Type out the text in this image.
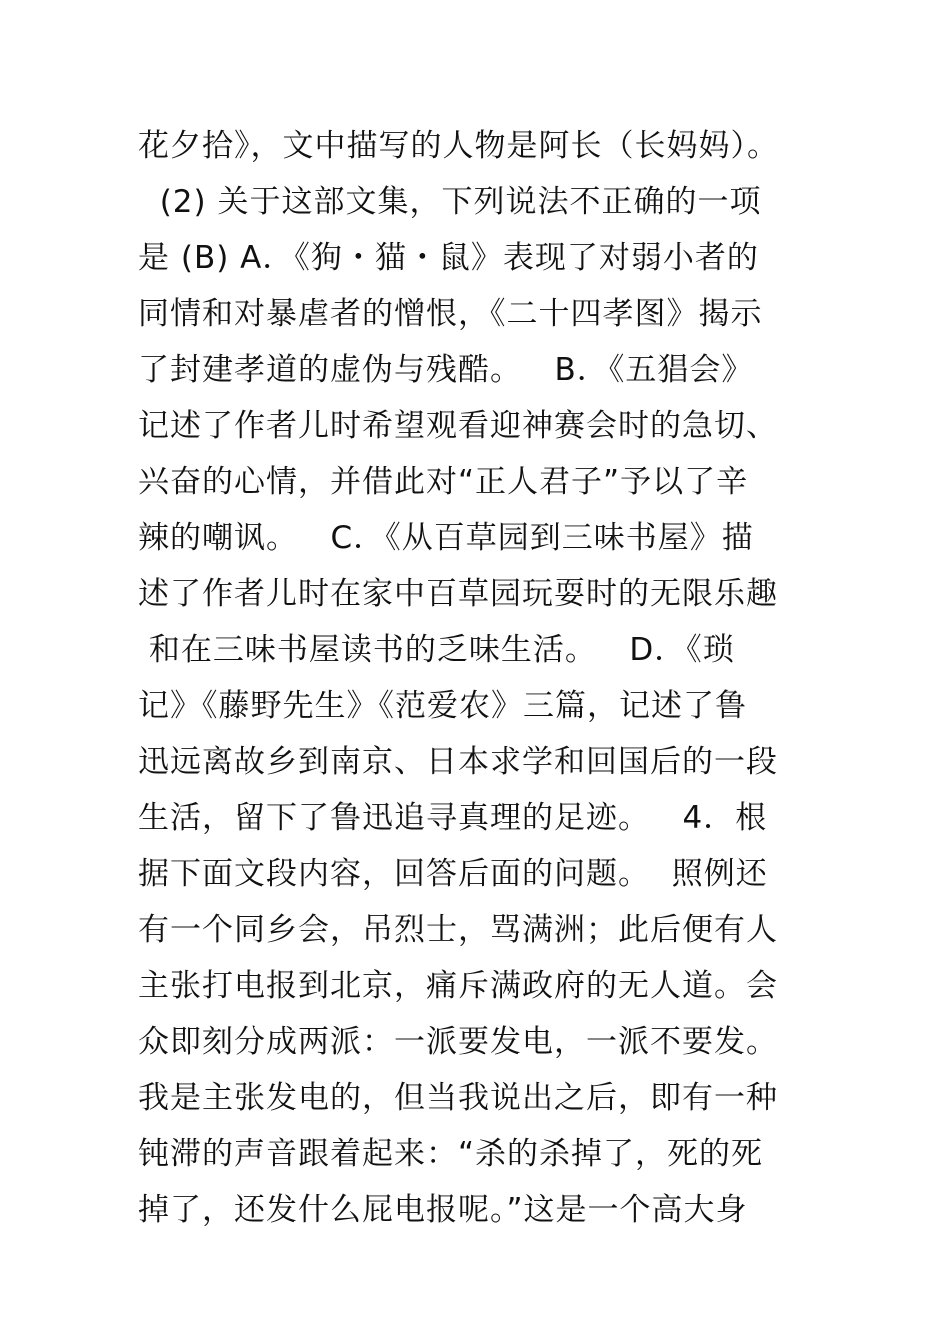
花夕拾》，文中描写的人物是阿长（长妈妈）。
(2) 关于这部文集，下列说法不正确的一项
是 (B) A．《狗・猫・鼠》表现了对弱小者的
同情和对暴虐者的憎恨，《二十四孝图》揭示
了封建孝道的虚伪与残酷。   B．《五猖会》
记述了作者儿时希望观看迎神赛会时的急切、
兴奋的心情，并借此对“正人君子”予以了辛
辣的嘲讽。   C．《从百草园到三味书屋》描
述了作者儿时在家中百草园玩耍时的无限乐趣
和在三味书屋读书的乏味生活。   D．《琐
记》《藤野先生》《范爱农》三篇，记述了鲁
迅远离故乡到南京、日本求学和回国后的一段
生活，留下了鲁迅追寻真理的足迹。   4．根
据下面文段内容，回答后面的问题。  照例还
有一个同乡会，吊烈士，骂满洲；此后便有人
主张打电报到北京，痛斥满政府的无人道。会
众即刻分成两派：一派要发电，一派不要发。
我是主张发电的，但当我说出之后，即有一种
钝滞的声音跟着起来：“杀的杀掉了，死的死
掉了，还发什么屁电报呢。”这是一个高大身
